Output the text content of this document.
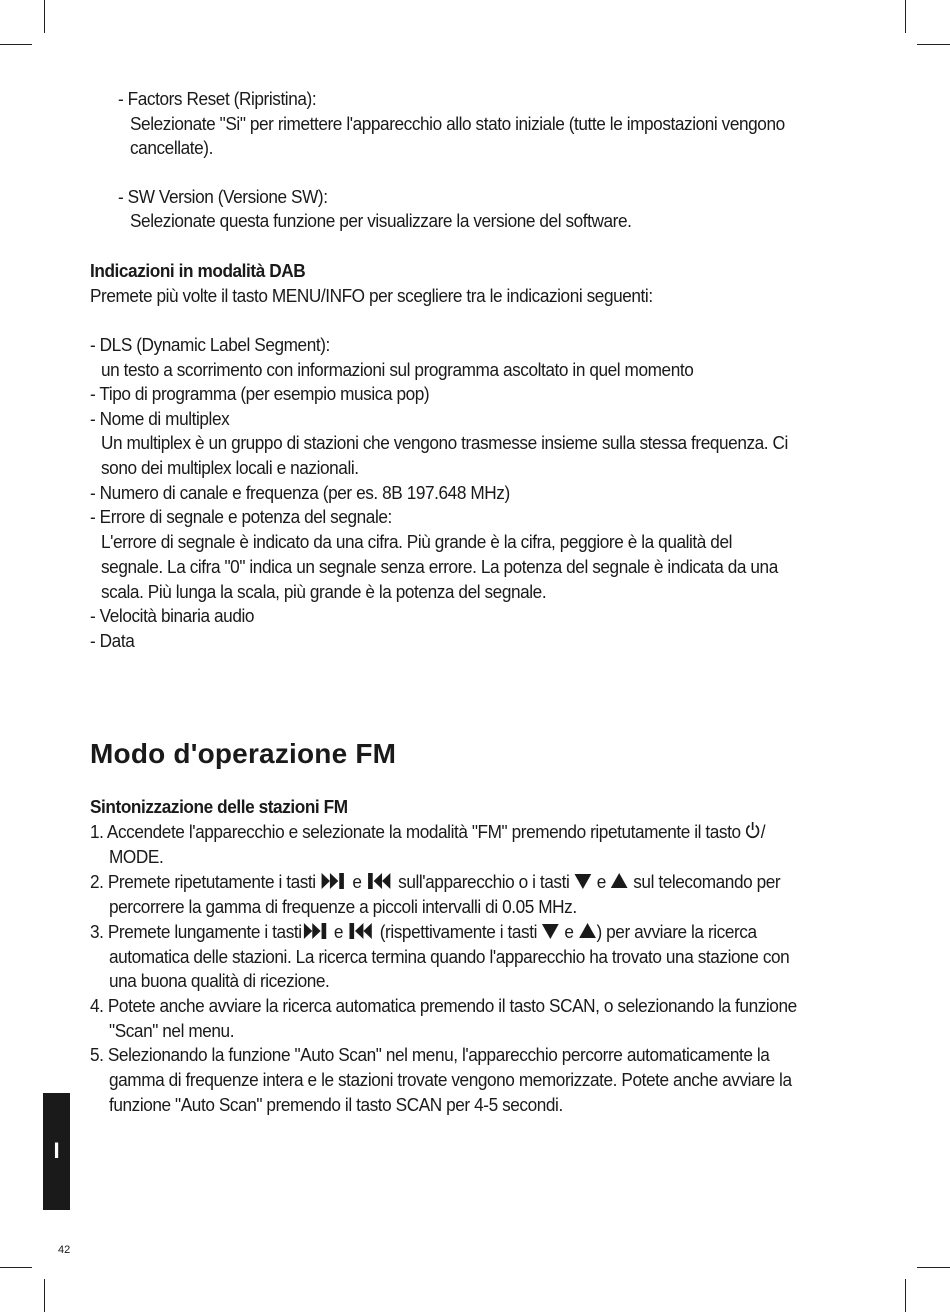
- Factors Reset (Ripristina):
Selezionate "Si" per rimettere l'apparecchio allo stato iniziale (tutte le impostazioni vengono
cancellate).
- SW Version (Versione SW):
Selezionate questa funzione per visualizzare la versione del software.
Indicazioni in modalità DAB
Premete più volte il tasto MENU/INFO per scegliere tra le indicazioni seguenti:
- DLS (Dynamic Label Segment):
un testo a scorrimento con informazioni sul programma ascoltato in quel momento
- Tipo di programma (per esempio musica pop)
- Nome di multiplex
Un multiplex è un gruppo di stazioni che vengono trasmesse insieme sulla stessa frequenza. Ci
sono dei multiplex locali e nazionali.
- Numero di canale e frequenza (per es. 8B 197.648 MHz)
- Errore di segnale e potenza del segnale:
L'errore di segnale è indicato da una cifra. Più grande è la cifra, peggiore è la qualità del
segnale. La cifra "0" indica un segnale senza errore. La potenza del segnale è indicata da una
scala. Più lunga la scala, più grande è la potenza del segnale.
- Velocità binaria audio
- Data
Modo d'operazione FM
Sintonizzazione delle stazioni FM
1. Accendete l'apparecchio e selezionate la modalità "FM" premendo ripetutamente il tasto /
MODE.
2. Premete ripetutamente i tasti e sull'apparecchio o i tasti e sul telecomando per
percorrere la gamma di frequenze a piccoli intervalli di 0.05 MHz.
3. Premete lungamente i tasti e (rispettivamente i tasti e ) per avviare la ricerca
automatica delle stazioni. La ricerca termina quando l'apparecchio ha trovato una stazione con
una buona qualità di ricezione.
4. Potete anche avviare la ricerca automatica premendo il tasto SCAN, o selezionando la funzione
"Scan" nel menu.
5. Selezionando la funzione "Auto Scan" nel menu, l'apparecchio percorre automaticamente la
gamma di frequenze intera e le stazioni trovate vengono memorizzate. Potete anche avviare la
funzione "Auto Scan" premendo il tasto SCAN per 4-5 secondi.
I
42
